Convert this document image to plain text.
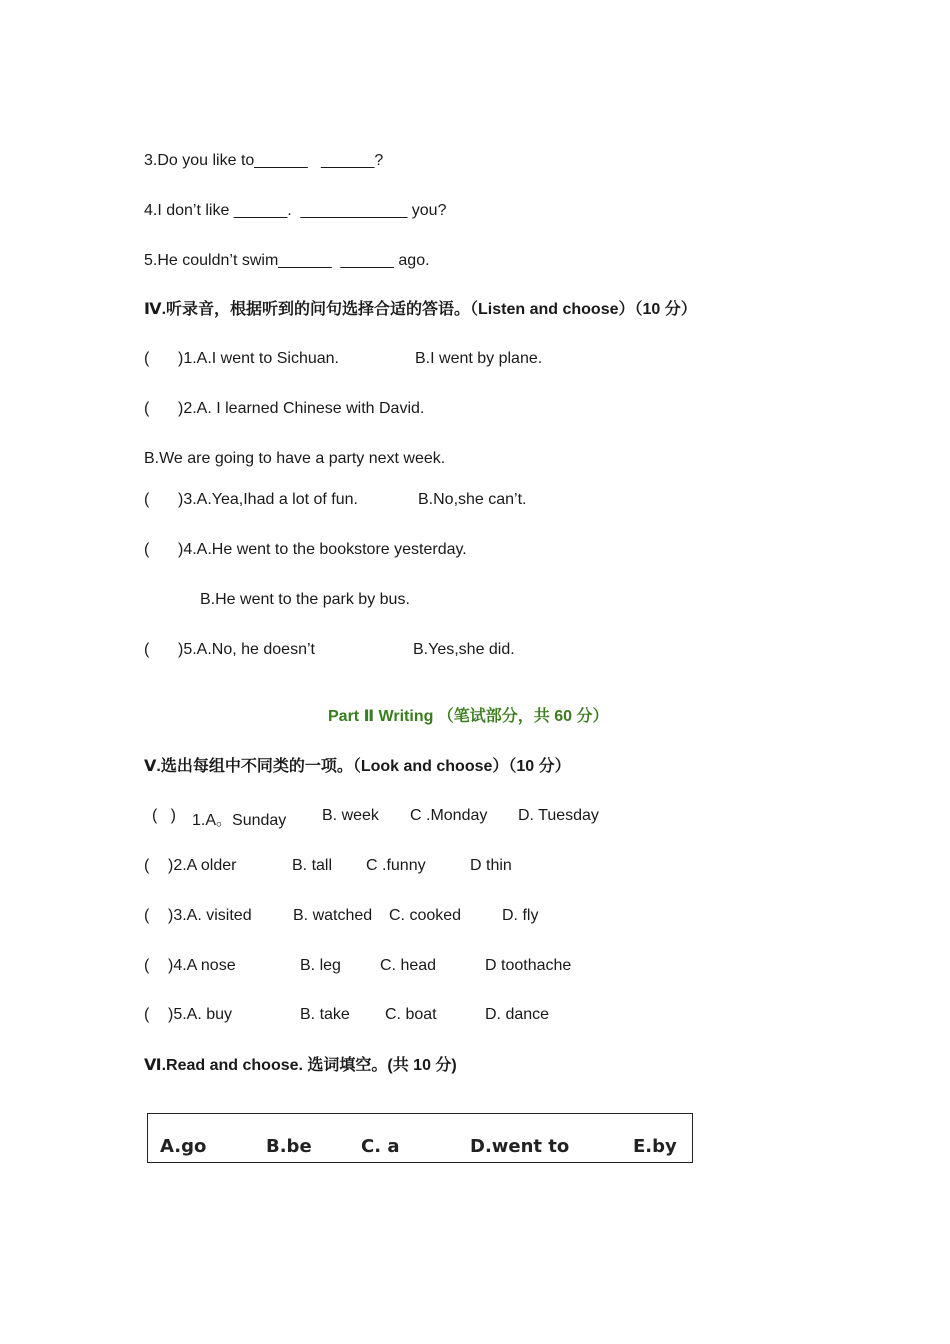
3.Do you like to______   ______?
4.I don’t like ______.  ____________ you?
5.He couldn’t swim______  ______ ago.
Ⅳ.听录音，根据听到的问句选择合适的答语。（Listen and choose）（10 分）
( )1.A.I went to Sichuan.	B.I went by plane.
( )2.A. I learned Chinese with David.
B.We are going to have a party next week.
( )3.A.Yea,Ihad a lot of fun.	B.No,she can’t.
( )4.A.He went to the bookstore yesterday.
B.He went to the park by bus.
( )5.A.No, he doesn’t	B.Yes,she did.
Part Ⅱ Writing （笔试部分，共 60 分）
Ⅴ.选出每组中不同类的一项。（Look and choose）（10 分）
(   ) 1.A。Sunday B. week C .Monday D. Tuesday
( )2.A older	B. tall C .funny	D thin
( )3.A. visited	B. watched C. cooked	D. fly
( )4.A nose	B. leg C. head	D toothache
( )5.A. buy	B. take C. boat	D. dance
Ⅵ.Read and choose. 选词填空。(共 10 分)
A.go	B.be	C. a	D.went to	E.by
